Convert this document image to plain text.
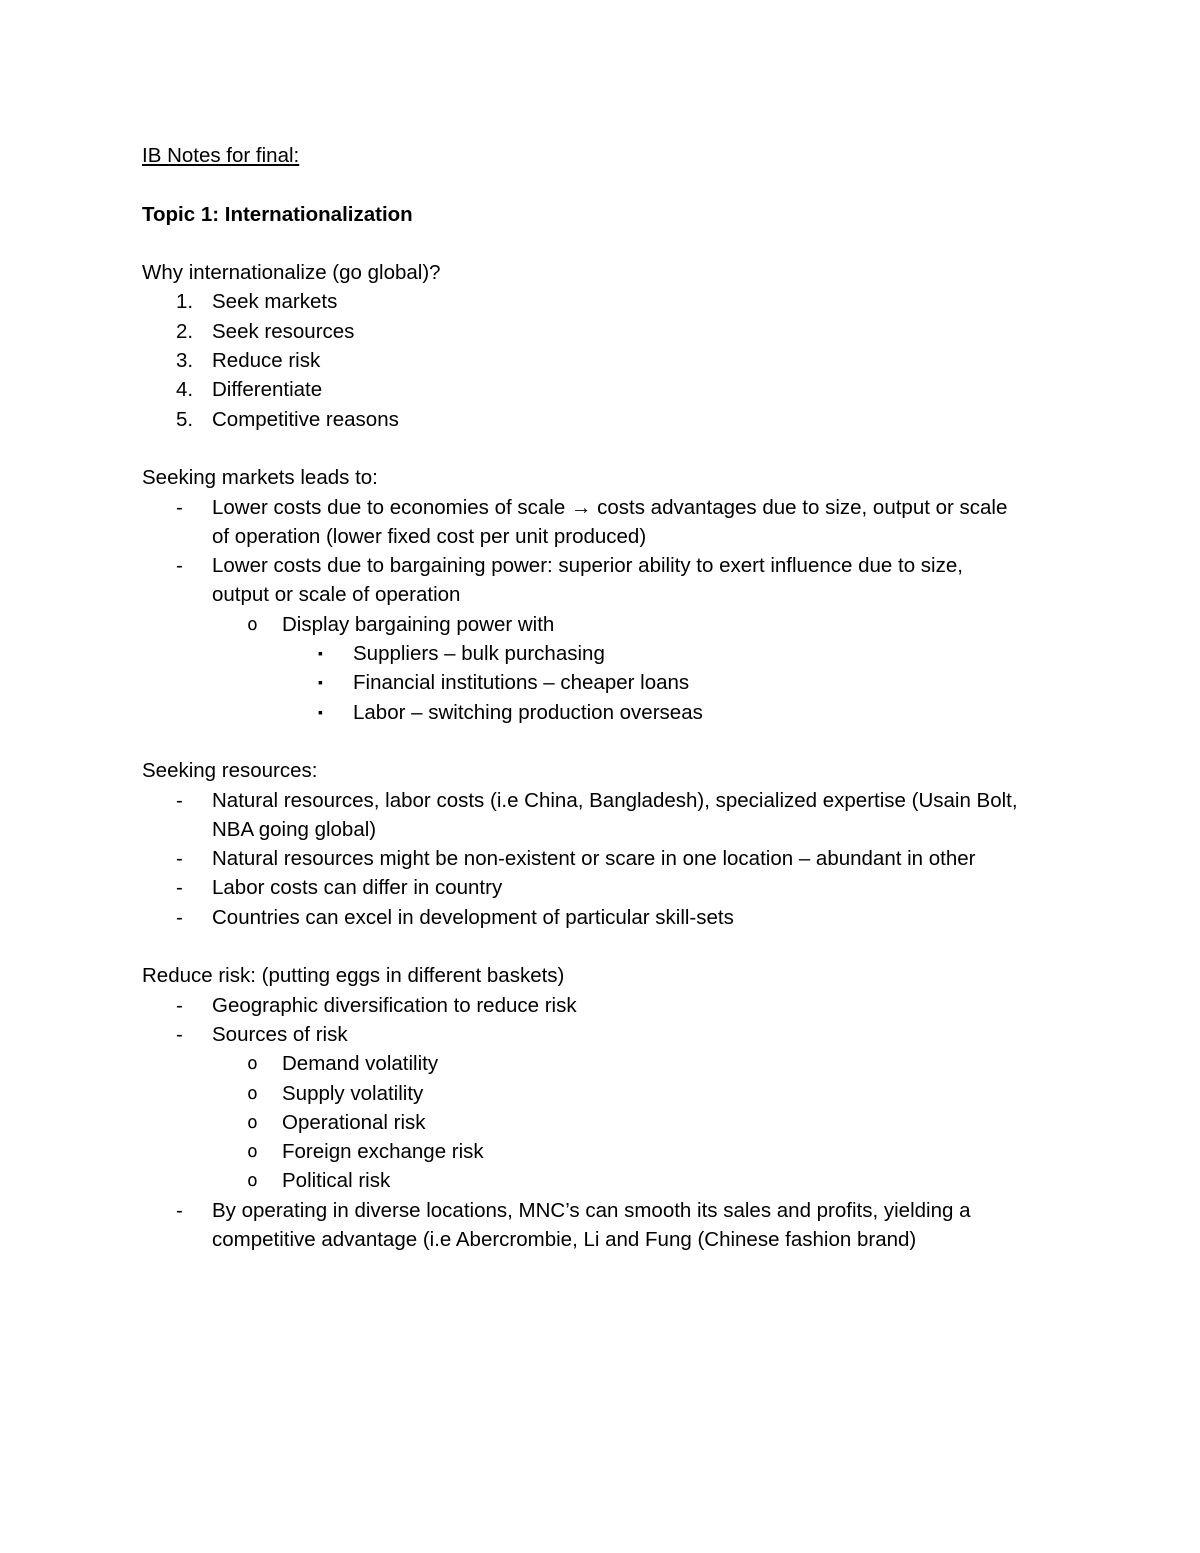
IB Notes for final:
Topic 1: Internationalization
Why internationalize (go global)?
1. Seek markets
2. Seek resources
3. Reduce risk
4. Differentiate
5. Competitive reasons
Seeking markets leads to:
- Lower costs due to economies of scale → costs advantages due to size, output or scale
of operation (lower fixed cost per unit produced)
- Lower costs due to bargaining power: superior ability to exert influence due to size,
output or scale of operation
o Display bargaining power with
▪ Suppliers – bulk purchasing
▪ Financial institutions – cheaper loans
▪ Labor – switching production overseas
Seeking resources:
- Natural resources, labor costs (i.e China, Bangladesh), specialized expertise (Usain Bolt,
NBA going global)
- Natural resources might be non-existent or scare in one location – abundant in other
- Labor costs can differ in country
- Countries can excel in development of particular skill-sets
Reduce risk: (putting eggs in different baskets)
- Geographic diversification to reduce risk
- Sources of risk
o Demand volatility
o Supply volatility
o Operational risk
o Foreign exchange risk
o Political risk
- By operating in diverse locations, MNC’s can smooth its sales and profits, yielding a
competitive advantage (i.e Abercrombie, Li and Fung (Chinese fashion brand)
